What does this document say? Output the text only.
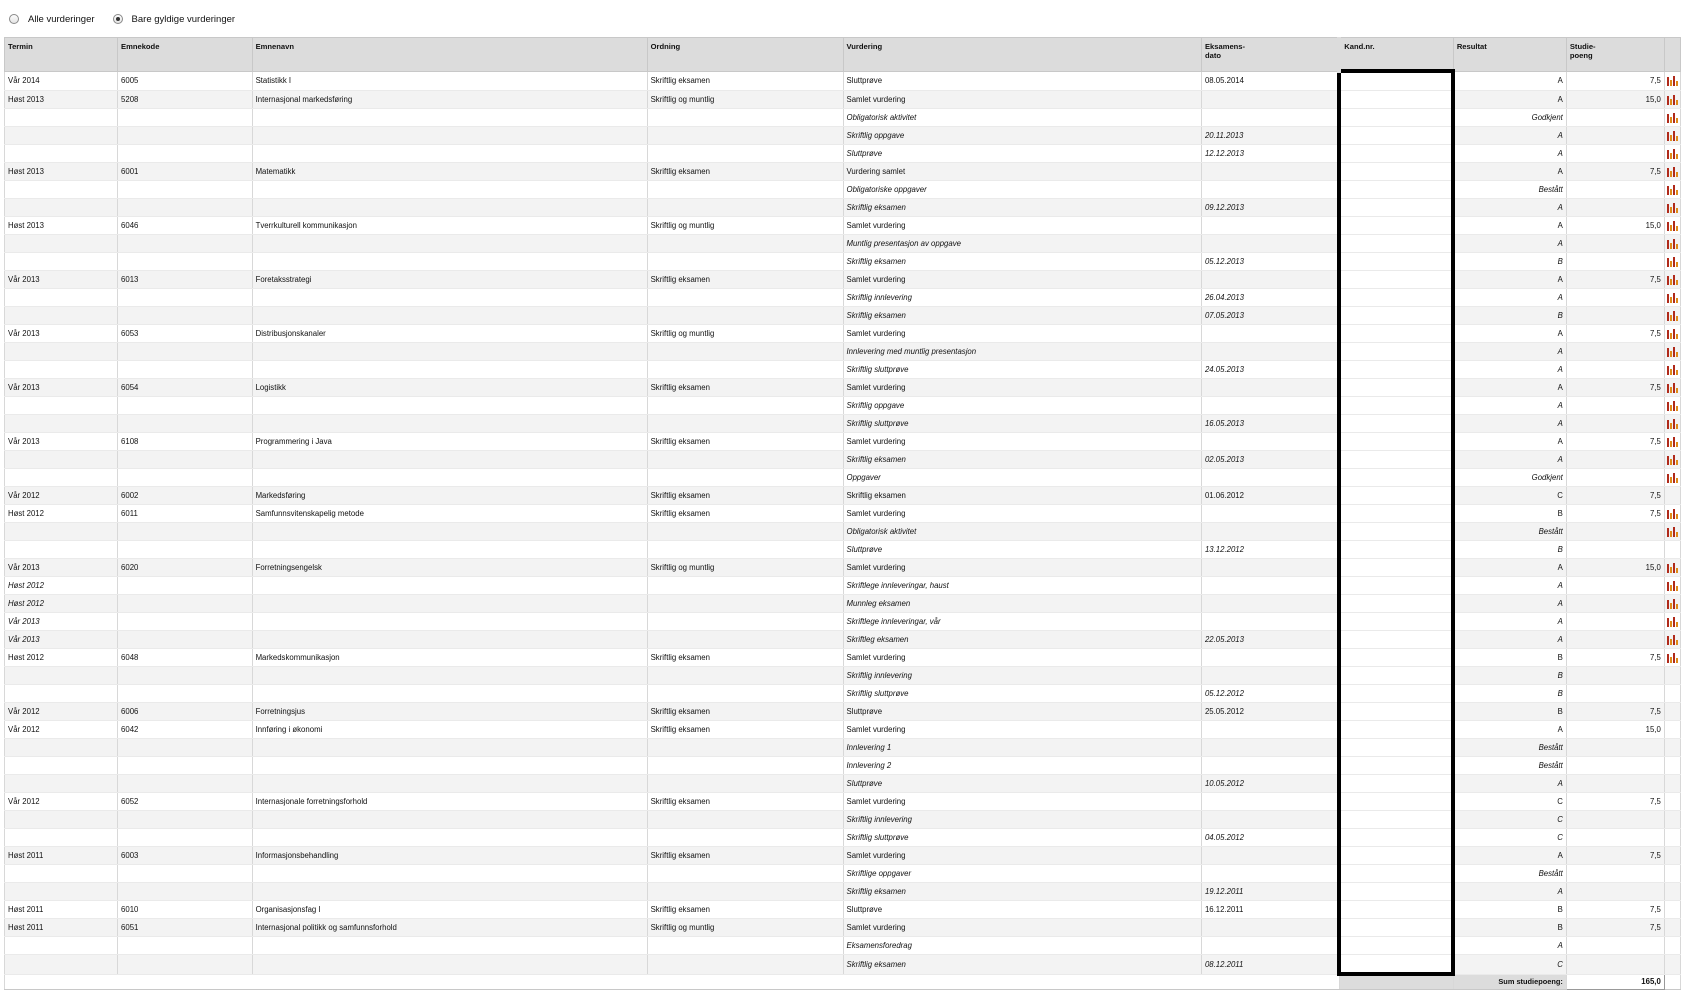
Alle vurderinger	Bare gyldige vurderinger
Termin	Emnekode	Emnenavn	Ordning	Vurdering	Eksamens-
dato	Kand.nr.	Resultat	Studie-
poeng	
Vår 2014	6005	Statistikk I	Skriftlig eksamen	Sluttprøve	08.05.2014		A	7,5	

Høst 2013	5208	Internasjonal markedsføring	Skriftlig og muntlig	Samlet vurdering			A	15,0	

				Obligatorisk aktivitet			Godkjent		

				Skriftlig oppgave	20.11.2013		A		

				Sluttprøve	12.12.2013		A		

Høst 2013	6001	Matematikk	Skriftlig eksamen	Vurdering samlet			A	7,5	

				Obligatoriske oppgaver			Bestått		

				Skriftlig eksamen	09.12.2013		A		

Høst 2013	6046	Tverrkulturell kommunikasjon	Skriftlig og muntlig	Samlet vurdering			A	15,0	

				Muntlig presentasjon av oppgave			A		

				Skriftlig eksamen	05.12.2013		B		

Vår 2013	6013	Foretaksstrategi	Skriftlig eksamen	Samlet vurdering			A	7,5	

				Skriftlig innlevering	26.04.2013		A		

				Skriftlig eksamen	07.05.2013		B		

Vår 2013	6053	Distribusjonskanaler	Skriftlig og muntlig	Samlet vurdering			A	7,5	

				Innlevering med muntlig presentasjon			A		

				Skriftlig sluttprøve	24.05.2013		A		

Vår 2013	6054	Logistikk	Skriftlig eksamen	Samlet vurdering			A	7,5	

				Skriftlig oppgave			A		

				Skriftlig sluttprøve	16.05.2013		A		

Vår 2013	6108	Programmering i Java	Skriftlig eksamen	Samlet vurdering			A	7,5	

				Skriftlig eksamen	02.05.2013		A		

				Oppgaver			Godkjent		

Vår 2012	6002	Markedsføring	Skriftlig eksamen	Skriftlig eksamen	01.06.2012		C	7,5	
Høst 2012	6011	Samfunnsvitenskapelig metode	Skriftlig eksamen	Samlet vurdering			B	7,5	

				Obligatorisk aktivitet			Bestått		

				Sluttprøve	13.12.2012		B		
Vår 2013	6020	Forretningsengelsk	Skriftlig og muntlig	Samlet vurdering			A	15,0	

Høst 2012				Skriftlege innleveringar, haust			A		

Høst 2012				Munnleg eksamen			A		

Vår 2013				Skriftlege innleveringar, vår			A		

Vår 2013				Skriftleg eksamen	22.05.2013		A		

Høst 2012	6048	Markedskommunikasjon	Skriftlig eksamen	Samlet vurdering			B	7,5	

				Skriftlig innlevering			B		
				Skriftlig sluttprøve	05.12.2012		B		
Vår 2012	6006	Forretningsjus	Skriftlig eksamen	Sluttprøve	25.05.2012		B	7,5	
Vår 2012	6042	Innføring i økonomi	Skriftlig eksamen	Samlet vurdering			A	15,0	
				Innlevering 1			Bestått		
				Innlevering 2			Bestått		
				Sluttprøve	10.05.2012		A		
Vår 2012	6052	Internasjonale forretningsforhold	Skriftlig eksamen	Samlet vurdering			C	7,5	
				Skriftlig innlevering			C		
				Skriftlig sluttprøve	04.05.2012		C		
Høst 2011	6003	Informasjonsbehandling	Skriftlig eksamen	Samlet vurdering			A	7,5	
				Skriftlige oppgaver			Bestått		
				Skriftlig eksamen	19.12.2011		A		
Høst 2011	6010	Organisasjonsfag I	Skriftlig eksamen	Sluttprøve	16.12.2011		B	7,5	
Høst 2011	6051	Internasjonal politikk og samfunnsforhold	Skriftlig og muntlig	Samlet vurdering			B	7,5	
				Eksamensforedrag			A		
				Skriftlig eksamen	08.12.2011		C		
							Sum studiepoeng:	165,0	
